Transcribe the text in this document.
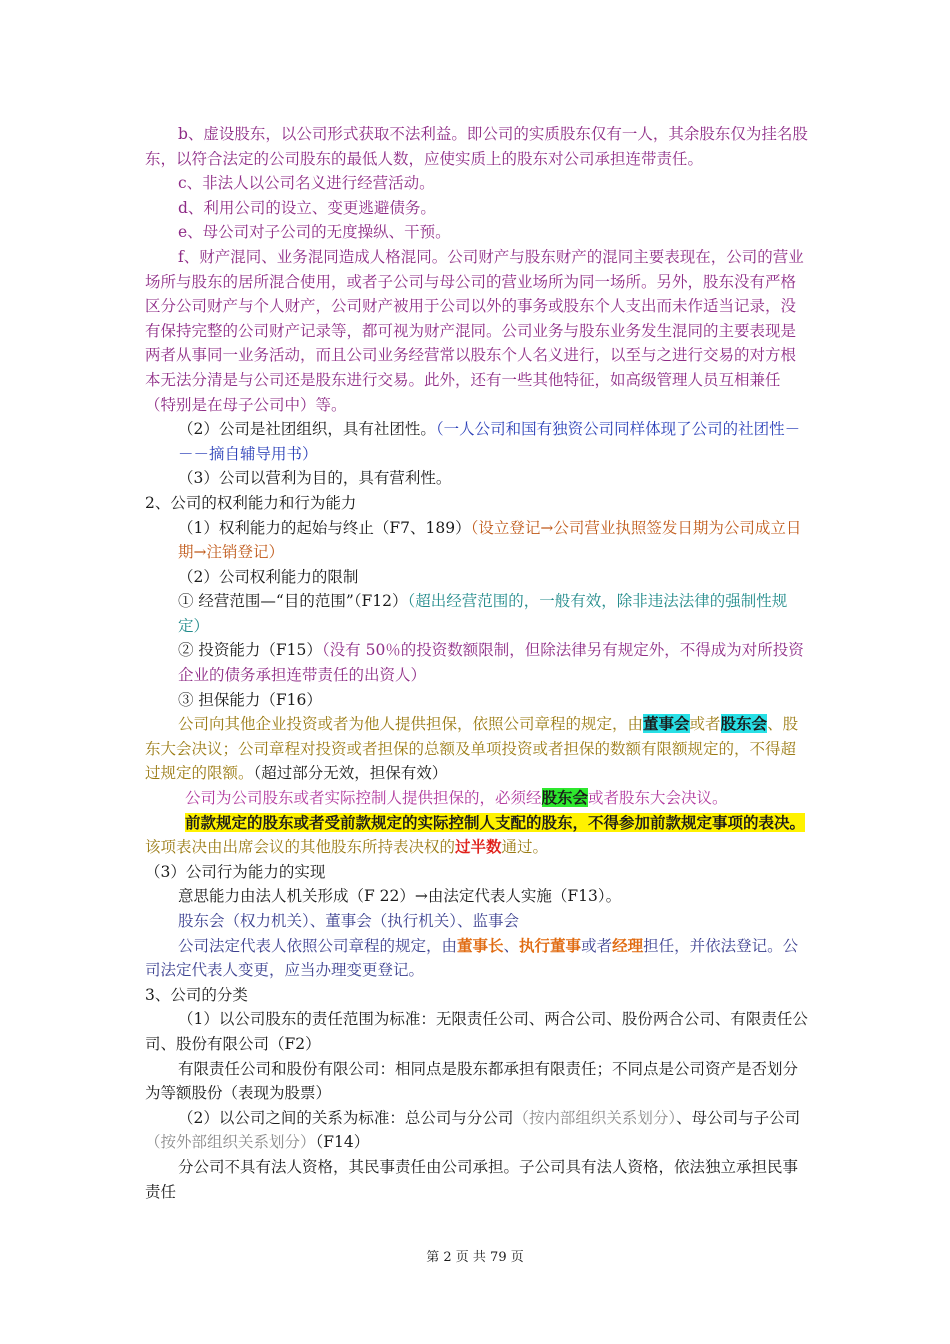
b、虚设股东，以公司形式获取不法利益。即公司的实质股东仅有一人，其余股东仅为挂名股东，以符合法定的公司股东的最低人数，应使实质上的股东对公司承担连带责任。

c、非法人以公司名义进行经营活动。

d、利用公司的设立、变更逃避债务。

e、母公司对子公司的无度操纵、干预。

f、财产混同、业务混同造成人格混同。公司财产与股东财产的混同主要表现在，公司的营业场所与股东的居所混合使用，或者子公司与母公司的营业场所为同一场所。另外，股东没有严格区分公司财产与个人财产，公司财产被用于公司以外的事务或股东个人支出而未作适当记录，没有保持完整的公司财产记录等，都可视为财产混同。公司业务与股东业务发生混同的主要表现是两者从事同一业务活动，而且公司业务经营常以股东个人名义进行，以至与之进行交易的对方根本无法分清是与公司还是股东进行交易。此外，还有一些其他特征，如高级管理人员互相兼任（特别是在母子公司中）等。

（2）公司是社团组织，具有社团性。（一人公司和国有独资公司同样体现了公司的社团性－－－摘自辅导用书）

（3）公司以营利为目的，具有营利性。

2、公司的权利能力和行为能力

（1）权利能力的起始与终止（F7、189）（设立登记→公司营业执照签发日期为公司成立日期→注销登记）

（2）公司权利能力的限制

① 经营范围—“目的范围”（F12）（超出经营范围的，一般有效，除非违法法律的强制性规定）

② 投资能力（F15）（没有 50％的投资数额限制，但除法律另有规定外，不得成为对所投资企业的债务承担连带责任的出资人）

③ 担保能力（F16）

公司向其他企业投资或者为他人提供担保，依照公司章程的规定，由董事会或者股东会、股东大会决议；公司章程对投资或者担保的总额及单项投资或者担保的数额有限额规定的，不得超过规定的限额。（超过部分无效，担保有效）

公司为公司股东或者实际控制人提供担保的，必须经股东会或者股东大会决议。

前款规定的股东或者受前款规定的实际控制人支配的股东，不得参加前款规定事项的表决。该项表决由出席会议的其他股东所持表决权的过半数通过。

（3）公司行为能力的实现

意思能力由法人机关形成（F 22）→由法定代表人实施（F13）。

股东会（权力机关）、董事会（执行机关）、监事会

公司法定代表人依照公司章程的规定，由董事长、执行董事或者经理担任，并依法登记。公司法定代表人变更，应当办理变更登记。

3、公司的分类

（1）以公司股东的责任范围为标准：无限责任公司、两合公司、股份两合公司、有限责任公司、股份有限公司（F2）

有限责任公司和股份有限公司：相同点是股东都承担有限责任；不同点是公司资产是否划分为等额股份（表现为股票）

（2）以公司之间的关系为标准：总公司与分公司（按内部组织关系划分）、母公司与子公司（按外部组织关系划分）（F14）

分公司不具有法人资格，其民事责任由公司承担。子公司具有法人资格，依法独立承担民事责任

第 2 页 共 79 页
